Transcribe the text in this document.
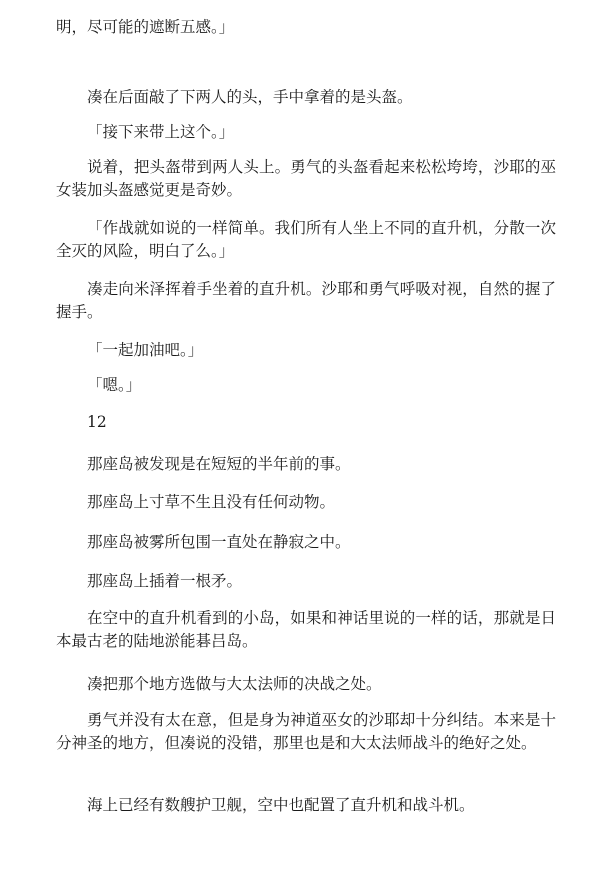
明，尽可能的遮断五感。」

凑在后面敲了下两人的头，手中拿着的是头盔。

「接下来带上这个。」

说着，把头盔带到两人头上。勇气的头盔看起来松松垮垮，沙耶的巫女装加头盔感觉更是奇妙。

「作战就如说的一样简单。我们所有人坐上不同的直升机，分散一次全灭的风险，明白了么。」

凑走向米泽挥着手坐着的直升机。沙耶和勇气呼吸对视，自然的握了握手。

「一起加油吧。」

「嗯。」

12

那座岛被发现是在短短的半年前的事。

那座岛上寸草不生且没有任何动物。

那座岛被雾所包围一直处在静寂之中。

那座岛上插着一根矛。

在空中的直升机看到的小岛，如果和神话里说的一样的话，那就是日本最古老的陆地淤能碁吕岛。

凑把那个地方选做与大太法师的决战之处。

勇气并没有太在意，但是身为神道巫女的沙耶却十分纠结。本来是十分神圣的地方，但凑说的没错，那里也是和大太法师战斗的绝好之处。

海上已经有数艘护卫舰，空中也配置了直升机和战斗机。
